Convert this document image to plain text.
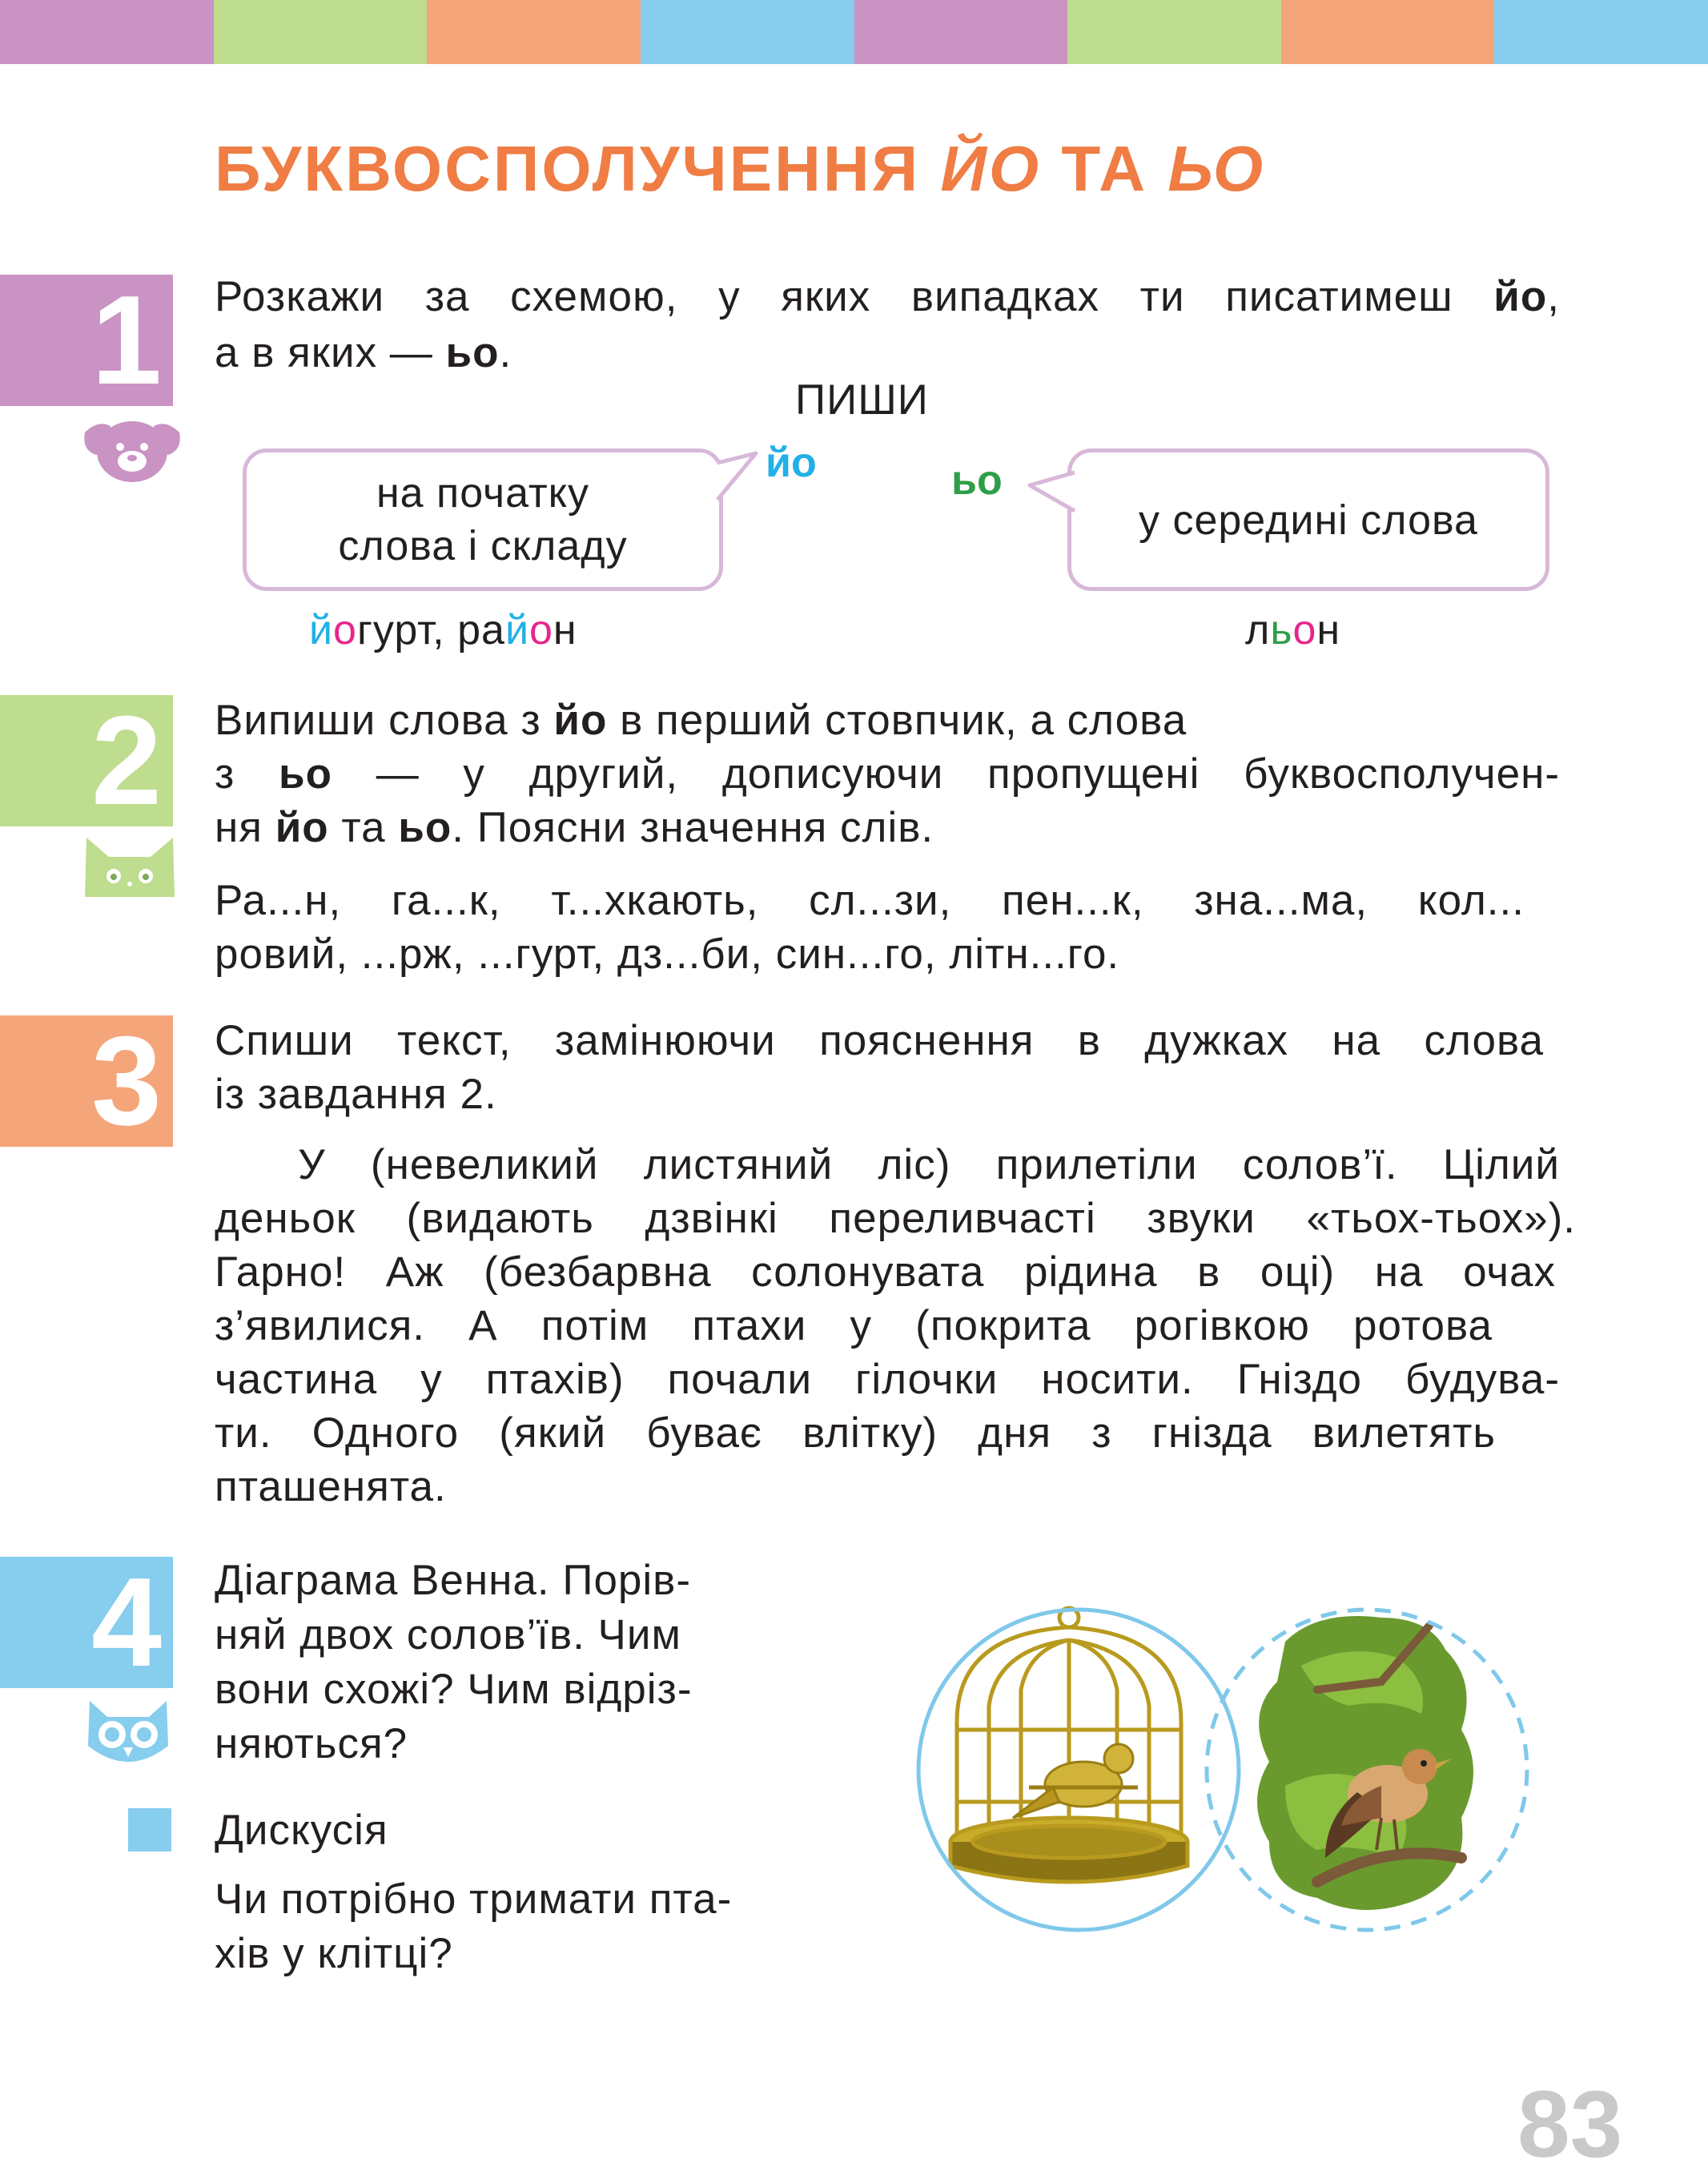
БУКВОСПОЛУЧЕННЯ ЙО ТА ЬО
1 Розкажи за схемою, у яких випадках ти писатимеш йо,
а в яких — ьо.
ПИШИ
на початку
слова і складу
у середині слова
йо	ьо
йогурт, район	льон
2 Випиши слова з йо в перший стовпчик, а слова
з ьо — у другий, дописуючи пропущені буквосполучен-
ня йо та ьо. Поясни значення слів.
Ра...н, га...к, т...хкають, сл...зи, пен...к, зна...ма, кол...
ровий, ...рж, ...гурт, дз...би, син...го, літн...го.
3 Спиши текст, замінюючи пояснення в дужках на слова
із завдання 2.
У (невеликий листяний ліс) прилетіли солов’ї. Цілий
деньок (видають дзвінкі переливчасті звуки «тьох-тьох»).
Гарно! Аж (безбарвна солонувата рідина в оці) на очах
з’явилися. А потім птахи у (покрита рогівкою ротова
частина у птахів) почали гілочки носити. Гніздо будува-
ти. Одного (який буває влітку) дня з гнізда вилетять
пташенята.
4 Діаграма Венна. Порів-
няй двох солов’їв. Чим
вони схожі? Чим відріз-
няються?
Дискусія
Чи потрібно тримати пта-
хів у клітці?
83
